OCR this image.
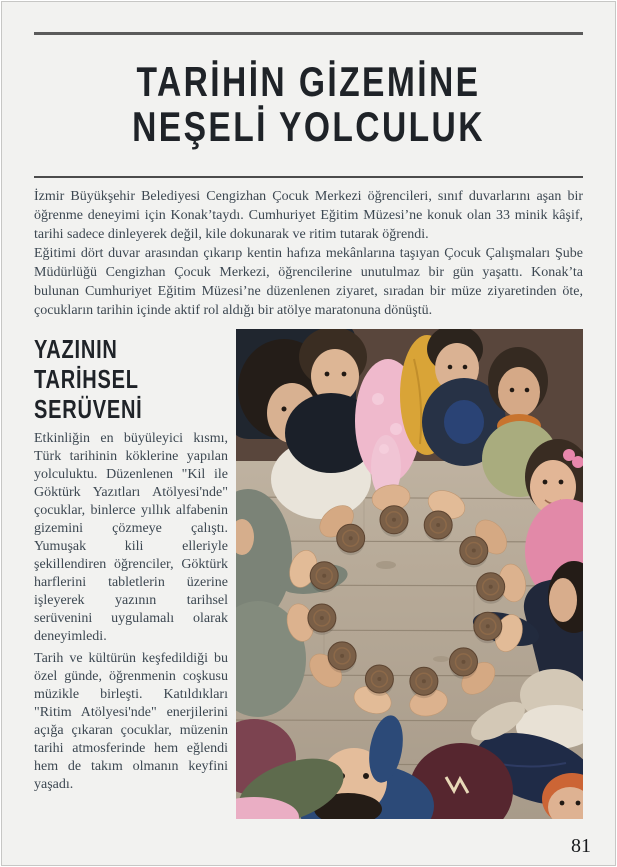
TARİHİN GİZEMİNE
NEŞELİ YOLCULUK

İzmir Büyükşehir Belediyesi Cengizhan Çocuk Merkezi öğrencileri, sınıf duvarlarını aşan bir öğrenme deneyimi için Konak’taydı. Cumhuriyet Eğitim Müzesi’ne konuk olan 33 minik kâşif, tarihi sadece dinleyerek değil, kile dokunarak ve ritim tutarak öğrendi.

Eğitimi dört duvar arasından çıkarıp kentin hafıza mekânlarına taşıyan Çocuk Çalışmaları Şube Müdürlüğü Cengizhan Çocuk Merkezi, öğrencilerine unutulmaz bir gün yaşattı. Konak’ta bulunan Cumhuriyet Eğitim Müzesi’ne düzenlenen ziyaret, sıradan bir müze ziyaretinden öte, çocukların tarihin içinde aktif rol aldığı bir atölye maratonuna dönüştü.

YAZININ TARİHSEL SERÜVENİ

Etkinliğin en büyüleyici kısmı, Türk tarihinin köklerine yapılan yolculuktu. Düzenlenen "Kil ile Göktürk Yazıtları Atölyesi'nde" çocuklar, binlerce yıllık alfabenin gizemini çözmeye çalıştı. Yumuşak kili elleriyle şekillendiren öğrenciler, Göktürk harflerini tabletlerin üzerine işleyerek yazının tarihsel serüvenini uygulamalı olarak deneyimledi.

Tarih ve kültürün keşfedildiği bu özel günde, öğrenmenin coşkusu müzikle birleşti. Katıldıkları "Ritim Atölyesi'nde" enerjilerini açığa çıkaran çocuklar, müzenin tarihi atmosferinde hem eğlendi hem de takım olmanın keyfini yaşadı.

81
